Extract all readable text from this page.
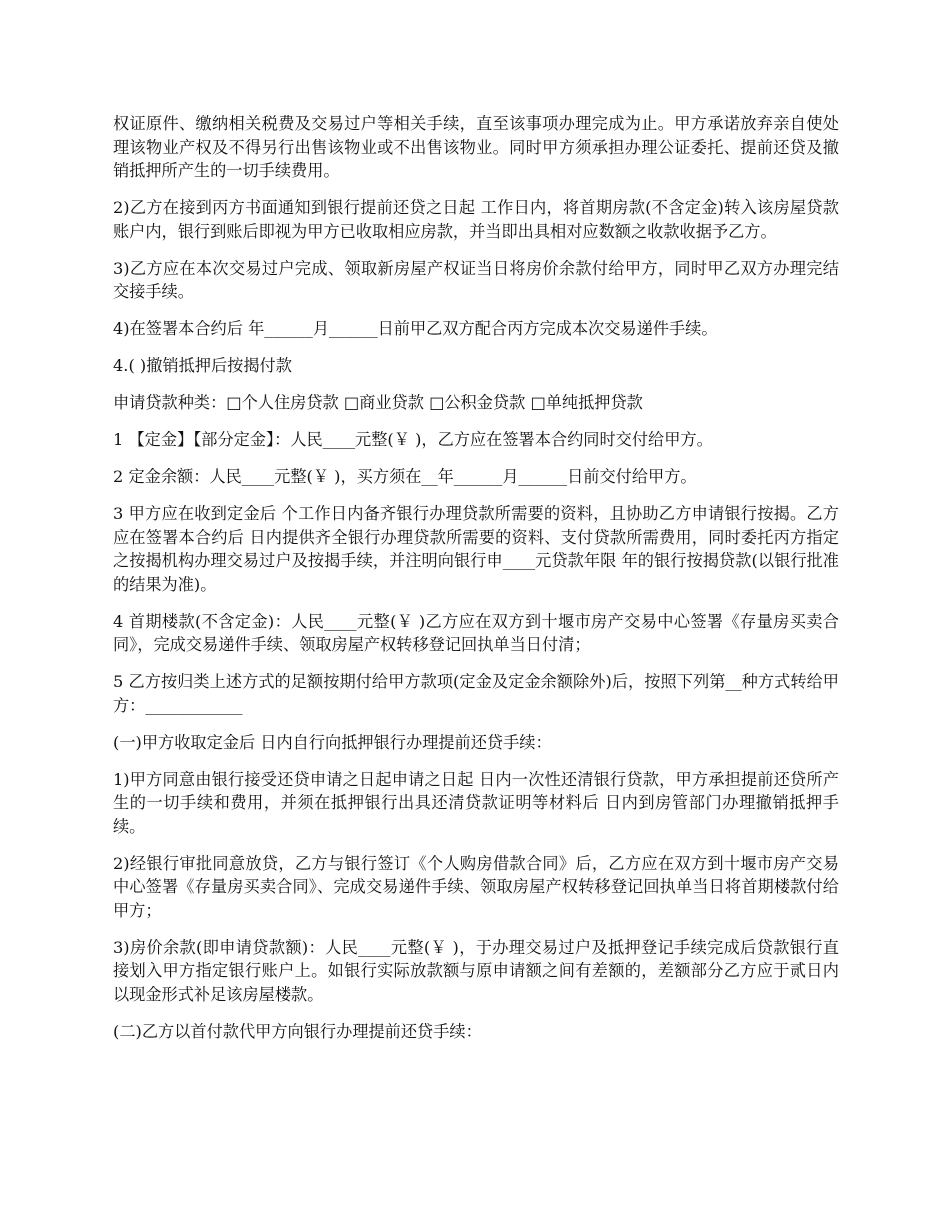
权证原件、缴纳相关税费及交易过户等相关手续，直至该事项办理完成为止。甲方承诺放弃亲自使处理该物业产权及不得另行出售该物业或不出售该物业。同时甲方须承担办理公证委托、提前还贷及撤销抵押所产生的一切手续费用。

2)乙方在接到丙方书面通知到银行提前还贷之日起 工作日内，将首期房款(不含定金)转入该房屋贷款账户内，银行到账后即视为甲方已收取相应房款，并当即出具相对应数额之收款收据予乙方。

3)乙方应在本次交易过户完成、领取新房屋产权证当日将房价余款付给甲方，同时甲乙双方办理完结交接手续。

4)在签署本合约后 年______月______日前甲乙双方配合丙方完成本次交易递件手续。

4.( )撤销抵押后按揭付款

申请贷款种类：□个人住房贷款 □商业贷款 □公积金贷款 □单纯抵押贷款

1 【定金】【部分定金】：人民____元整(￥ )，乙方应在签署本合约同时交付给甲方。

2 定金余额：人民____元整(￥ )，买方须在__年______月______日前交付给甲方。

3 甲方应在收到定金后 个工作日内备齐银行办理贷款所需要的资料，且协助乙方申请银行按揭。乙方应在签署本合约后 日内提供齐全银行办理贷款所需要的资料、支付贷款所需费用，同时委托丙方指定之按揭机构办理交易过户及按揭手续，并注明向银行申____元贷款年限 年的银行按揭贷款(以银行批准的结果为准)。

4 首期楼款(不含定金)：人民____元整(￥ )乙方应在双方到十堰市房产交易中心签署《存量房买卖合同》，完成交易递件手续、领取房屋产权转移登记回执单当日付清；

5 乙方按归类上述方式的足额按期付给甲方款项(定金及定金余额除外)后，按照下列第__种方式转给甲方：____________

(一)甲方收取定金后 日内自行向抵押银行办理提前还贷手续：

1)甲方同意由银行接受还贷申请之日起申请之日起 日内一次性还清银行贷款，甲方承担提前还贷所产生的一切手续和费用，并须在抵押银行出具还清贷款证明等材料后 日内到房管部门办理撤销抵押手续。

2)经银行审批同意放贷，乙方与银行签订《个人购房借款合同》后，乙方应在双方到十堰市房产交易中心签署《存量房买卖合同》、完成交易递件手续、领取房屋产权转移登记回执单当日将首期楼款付给甲方；

3)房价余款(即申请贷款额)：人民____元整(￥ )，于办理交易过户及抵押登记手续完成后贷款银行直接划入甲方指定银行账户上。如银行实际放款额与原申请额之间有差额的，差额部分乙方应于贰日内以现金形式补足该房屋楼款。

(二)乙方以首付款代甲方向银行办理提前还贷手续：
